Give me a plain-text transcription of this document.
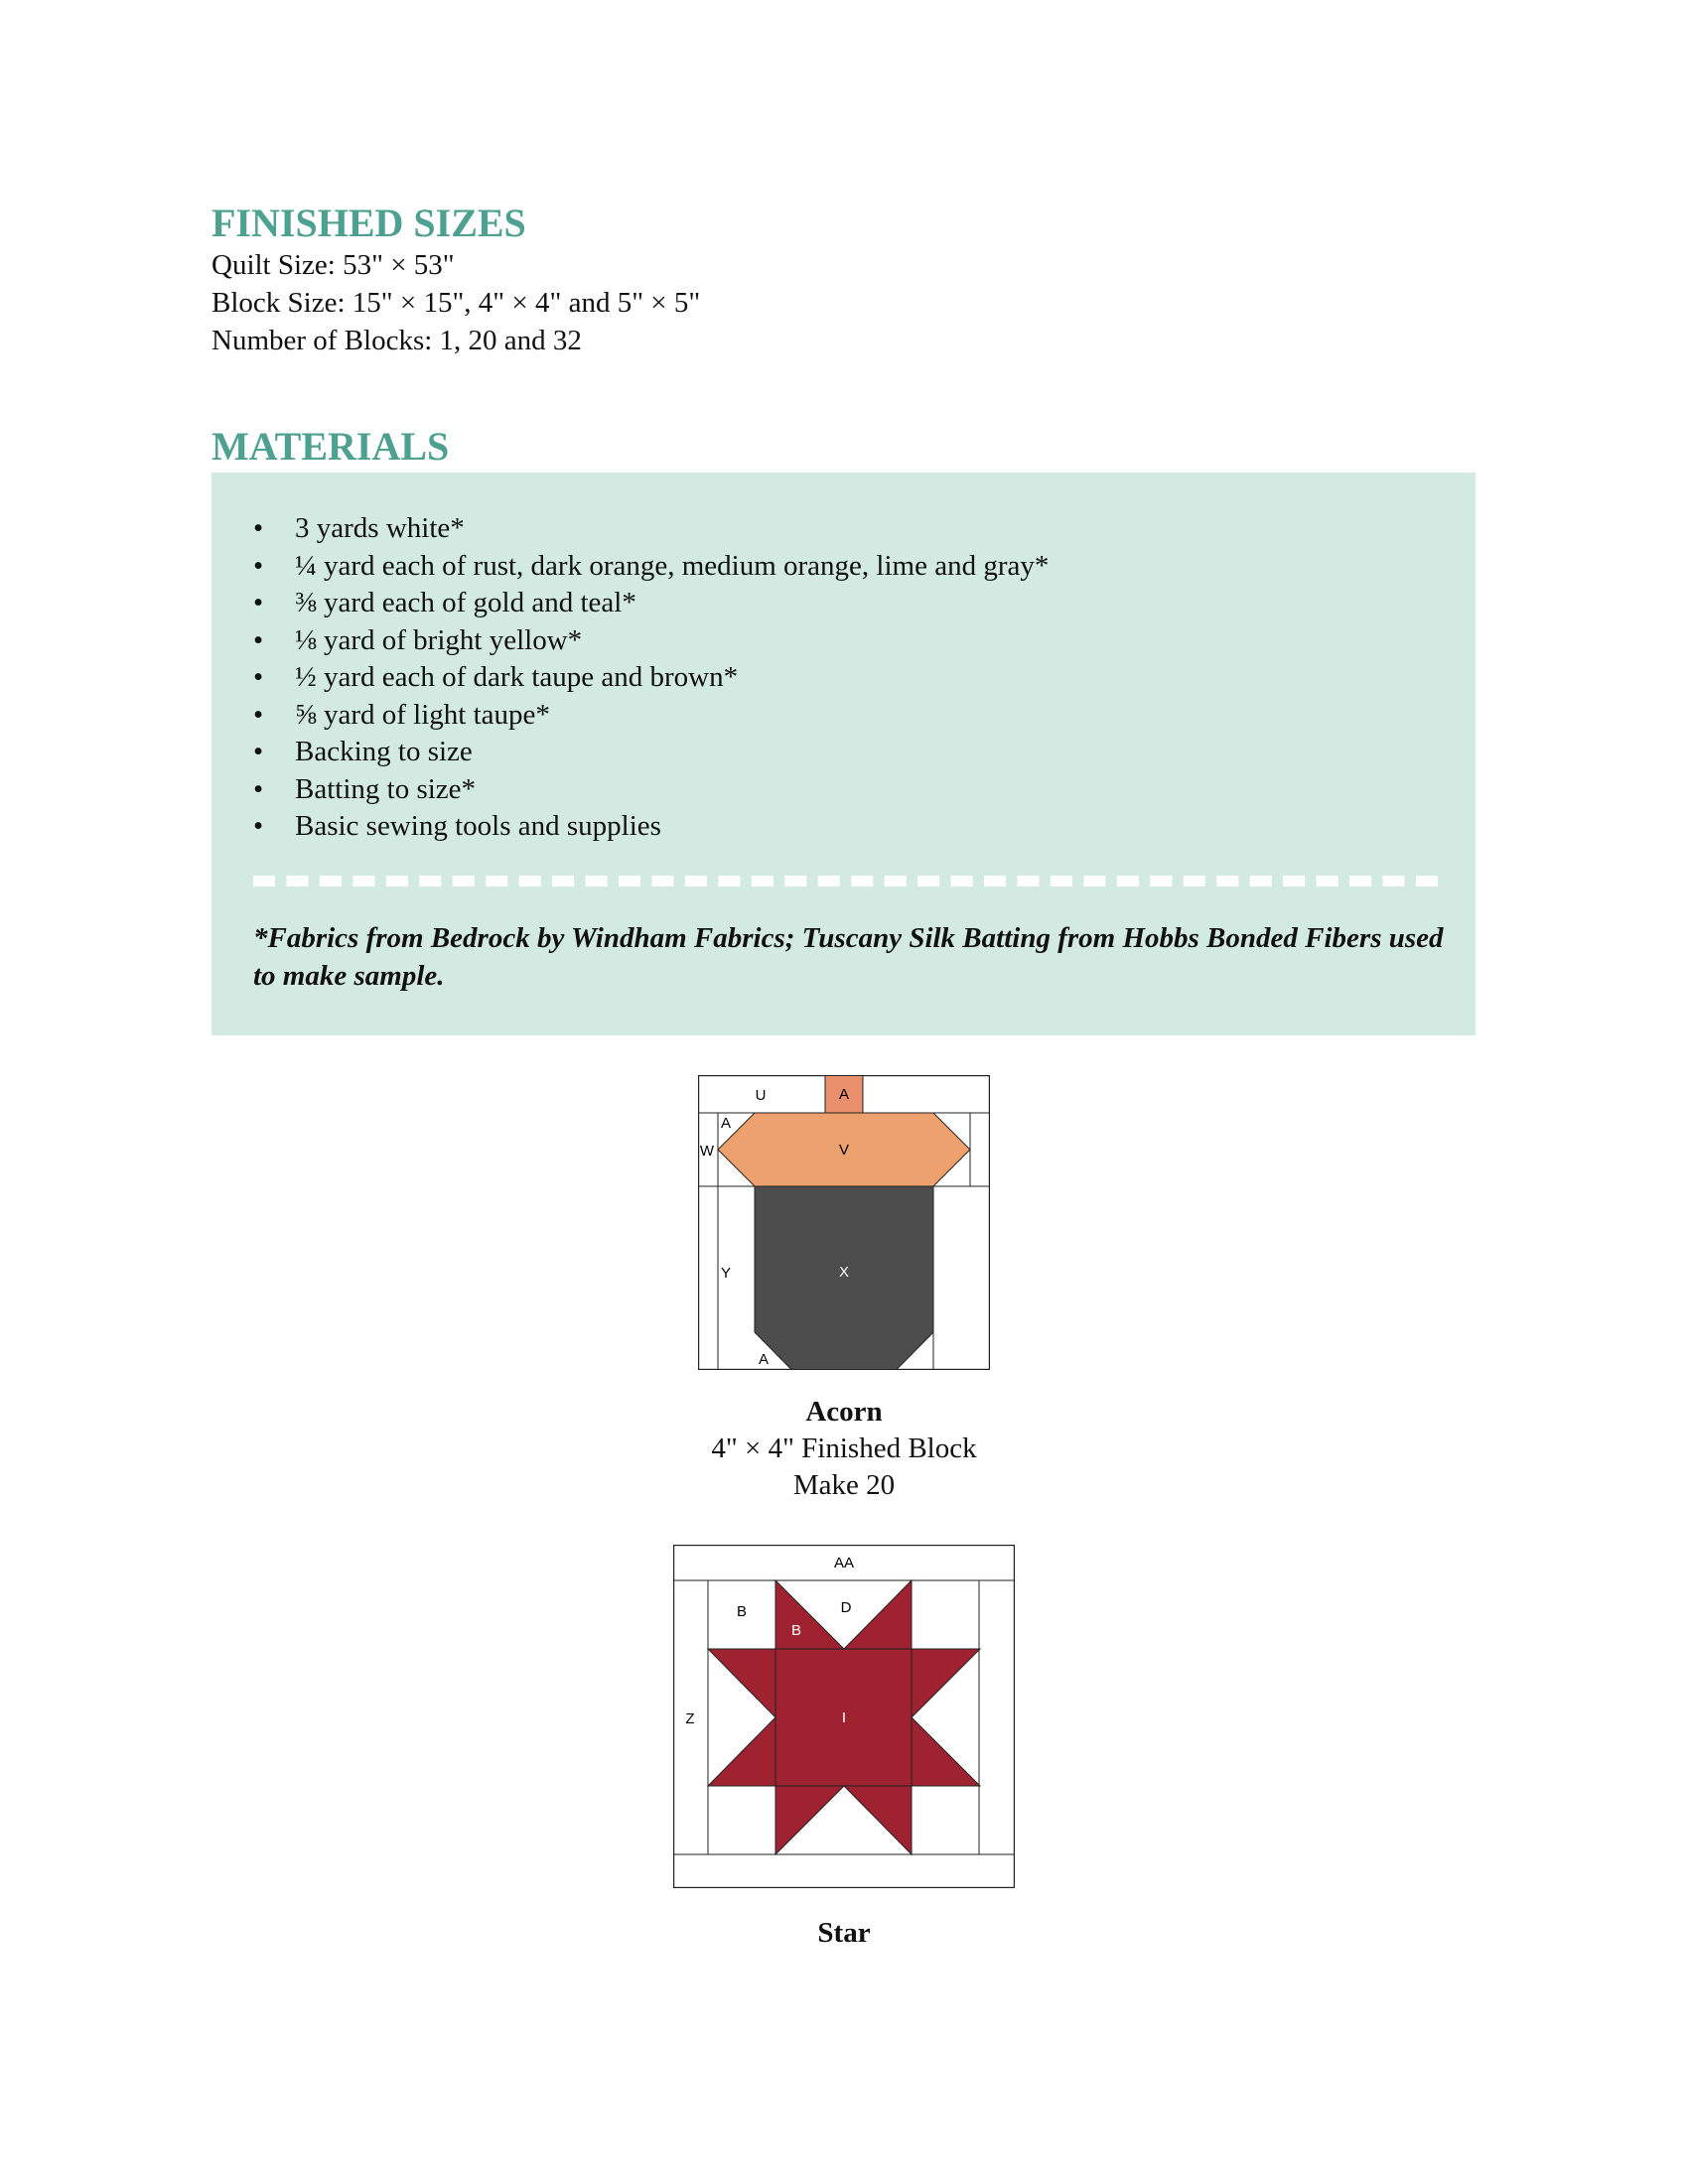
FINISHED SIZES
Quilt Size: 53" × 53"
Block Size: 15" × 15", 4" × 4" and 5" × 5"
Number of Blocks: 1, 20 and 32
MATERIALS
• 3 yards white*
• ¼ yard each of rust, dark orange, medium orange, lime and gray*
• ⅜ yard each of gold and teal*
• ⅛ yard of bright yellow*
• ½ yard each of dark taupe and brown*
• ⅝ yard of light taupe*
• Backing to size
• Batting to size*
• Basic sewing tools and supplies
*Fabrics from Bedrock by Windham Fabrics; Tuscany Silk Batting from Hobbs Bonded Fibers used to make sample.
U	A
A
W	V
Y	X
A
Acorn
4" × 4" Finished Block
Make 20
AA
B	D
B
Z	I
Star
